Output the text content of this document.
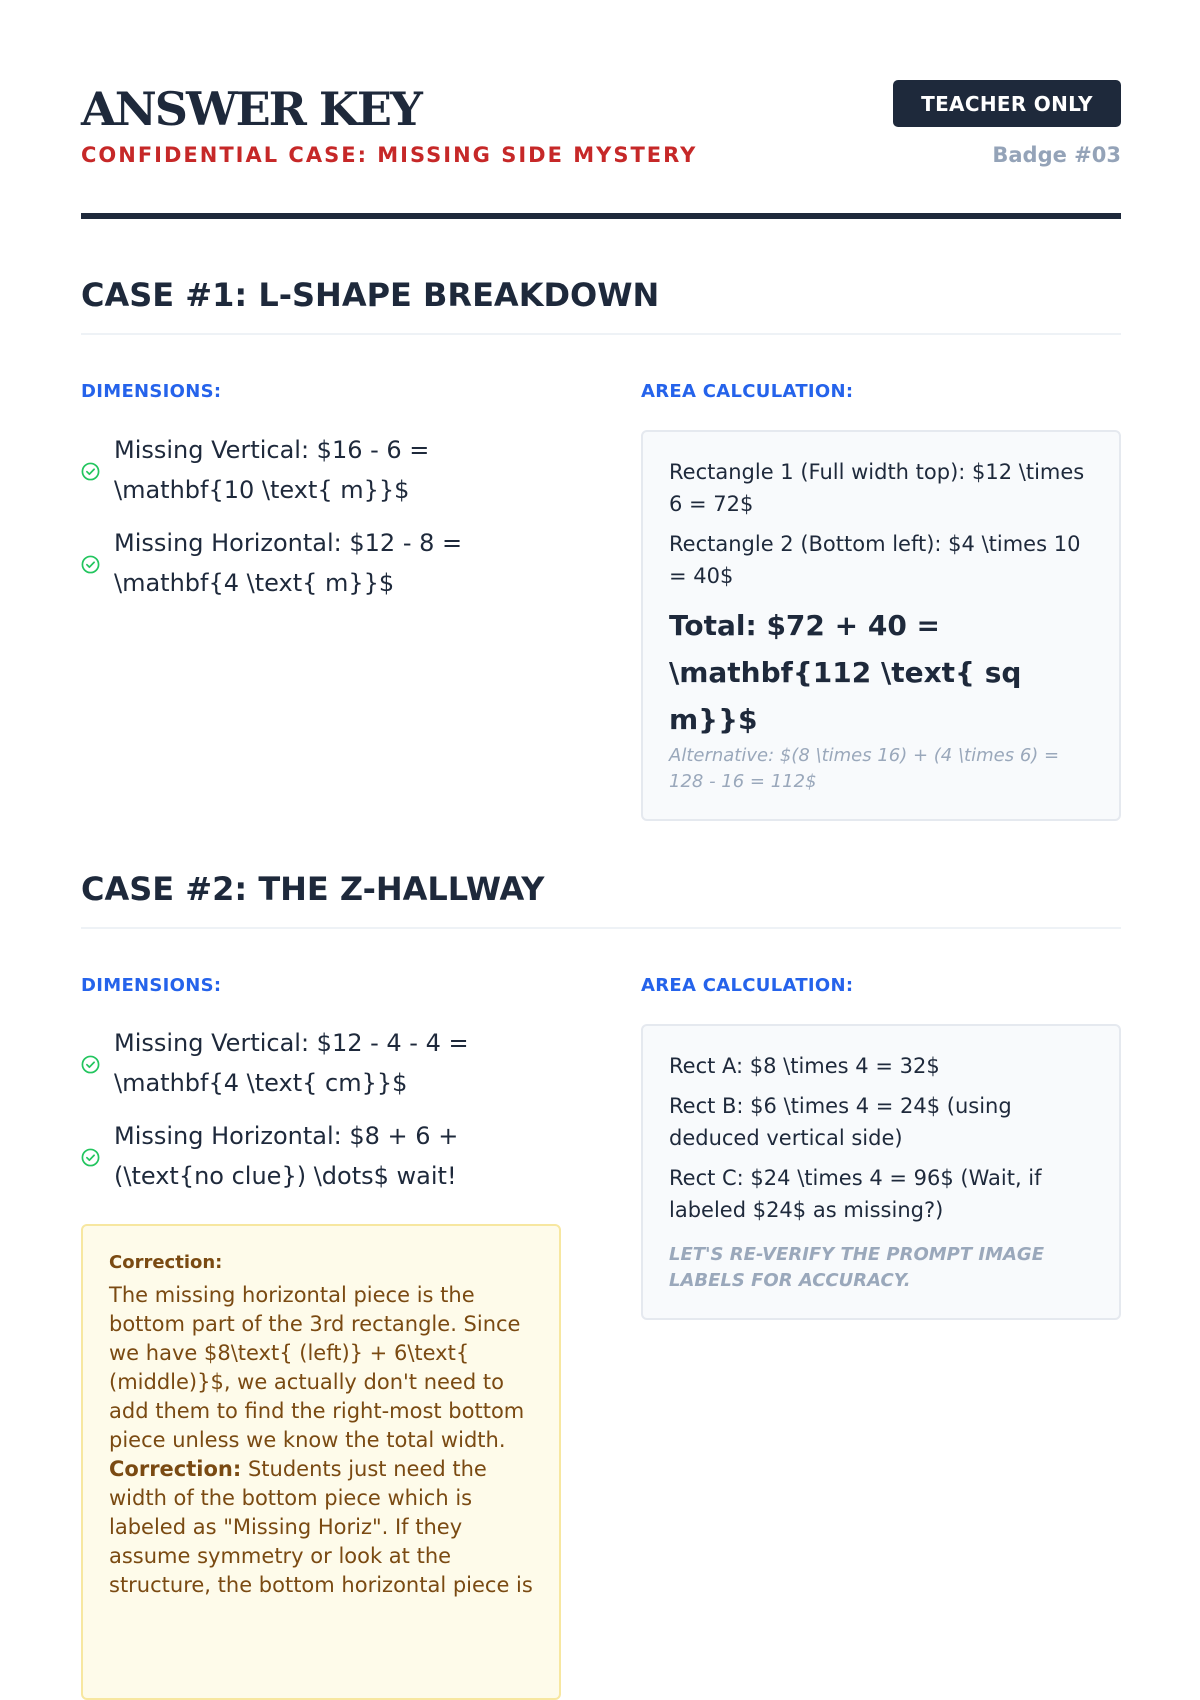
ANSWER KEY
CONFIDENTIAL CASE: MISSING SIDE MYSTERY
TEACHER ONLY
Badge #03
CASE #1: L-SHAPE BREAKDOWN
DIMENSIONS:	AREA CALCULATION:
Missing Vertical: $16 - 6 = \mathbf{10 \text{ m}}$
Missing Horizontal: $12 - 8 = \mathbf{4 \text{ m}}$
Rectangle 1 (Full width top): $12 \times 6 = 72$
Rectangle 2 (Bottom left): $4 \times 10 = 40$
Total: $72 + 40 = \mathbf{112 \text{ sq m}}$
Alternative: $(8 \times 16) + (4 \times 6) = 128 - 16 = 112$
CASE #2: THE Z-HALLWAY
DIMENSIONS:	AREA CALCULATION:
Missing Vertical: $12 - 4 - 4 = \mathbf{4 \text{ cm}}$
Missing Horizontal: $8 + 6 + (\text{no clue}) \dots$ wait!
Rect A: $8 \times 4 = 32$
Rect B: $6 \times 4 = 24$ (using deduced vertical side)
Rect C: $24 \times 4 = 96$ (Wait, if labeled $24$ as missing?)
LET'S RE-VERIFY THE PROMPT IMAGE LABELS FOR ACCURACY.
Correction:
The missing horizontal piece is the bottom part of the 3rd rectangle. Since we have $8\text{ (left)} + 6\text{ (middle)}$, we actually don't need to add them to find the right-most bottom piece unless we know the total width. Correction: Students just need the width of the bottom piece which is labeled as "Missing Horiz". If they assume symmetry or look at the structure, the bottom horizontal piece is
